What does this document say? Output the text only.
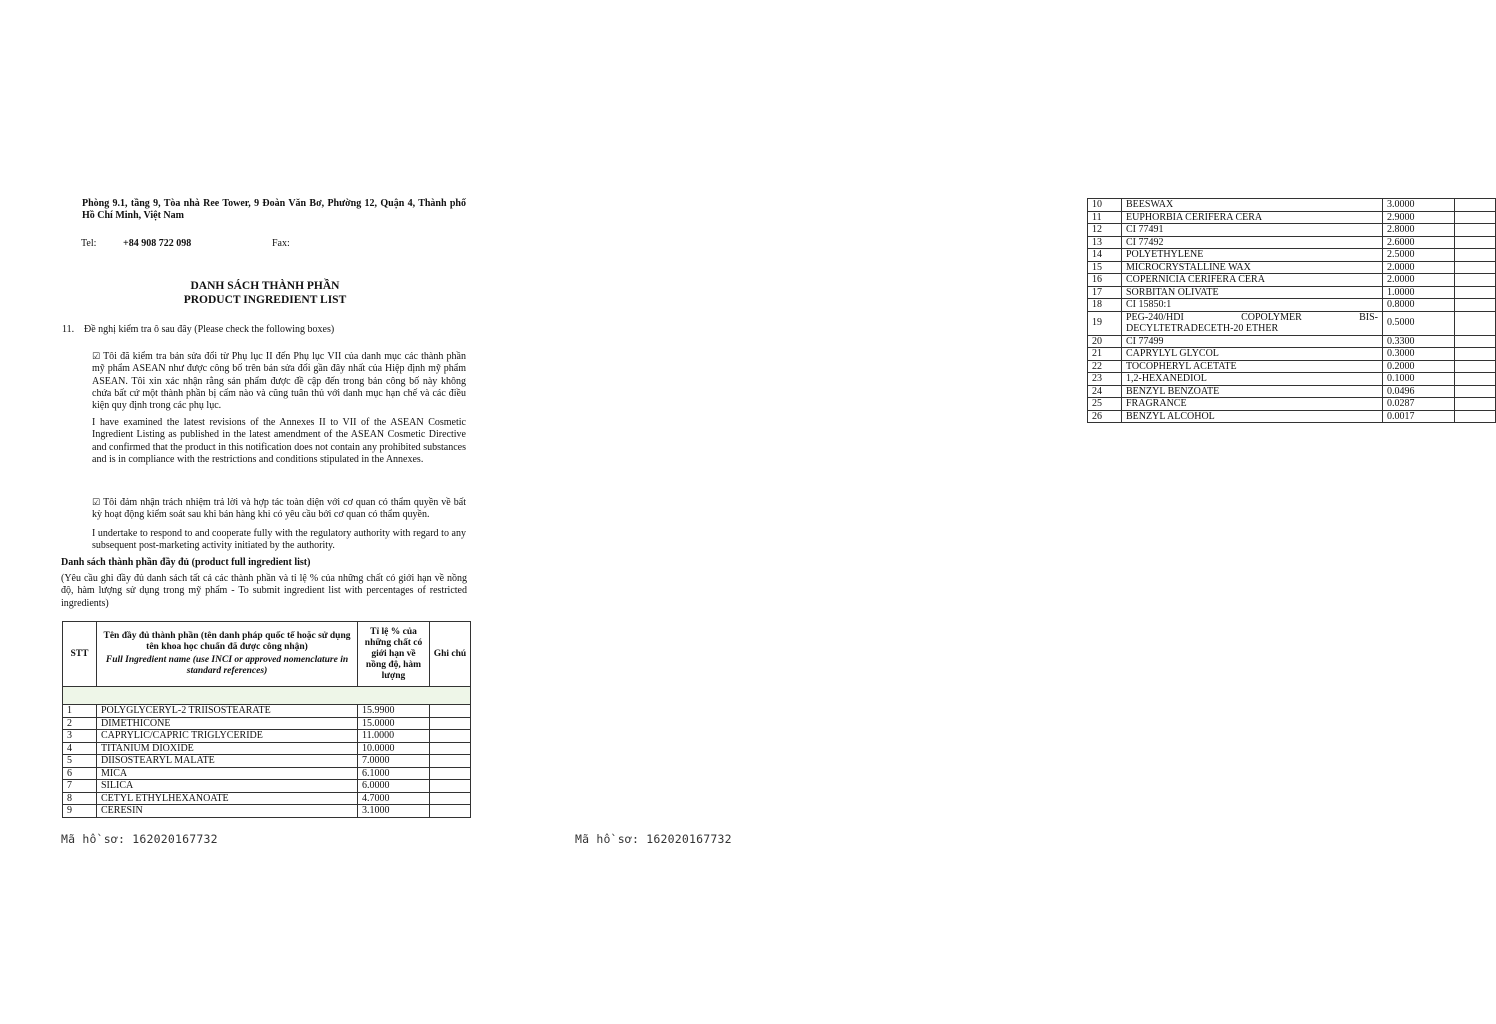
Phòng 9.1, tầng 9, Tòa nhà Ree Tower, 9 Đoàn Văn Bơ, Phường 12, Quận 4, Thành phố Hồ Chí Minh, Việt Nam
Tel:	+84 908 722 098	Fax:
DANH SÁCH THÀNH PHẦN
PRODUCT INGREDIENT LIST
11. Đề nghị kiểm tra ô sau đây (Please check the following boxes)
☑ Tôi đã kiểm tra bản sửa đổi từ Phụ lục II đến Phụ lục VII của danh mục các thành phần mỹ phẩm ASEAN như được công bố trên bản sửa đổi gần đây nhất của Hiệp định mỹ phẩm ASEAN. Tôi xin xác nhận rằng sản phẩm được đề cập đến trong bản công bố này không chứa bất cứ một thành phần bị cấm nào và cũng tuân thủ với danh mục hạn chế và các điều kiện quy định trong các phụ lục.
I have examined the latest revisions of the Annexes II to VII of the ASEAN Cosmetic Ingredient Listing as published in the latest amendment of the ASEAN Cosmetic Directive and confirmed that the product in this notification does not contain any prohibited substances and is in compliance with the restrictions and conditions stipulated in the Annexes.
☑ Tôi đảm nhận trách nhiệm trả lời và hợp tác toàn diện với cơ quan có thẩm quyền về bất kỳ hoạt động kiểm soát sau khi bán hàng khi có yêu cầu bởi cơ quan có thẩm quyền.
I undertake to respond to and cooperate fully with the regulatory authority with regard to any subsequent post-marketing activity initiated by the authority.
Danh sách thành phần đầy đủ (product full ingredient list)
(Yêu cầu ghi đầy đủ danh sách tất cả các thành phần và tỉ lệ % của những chất có giới hạn về nồng độ, hàm lượng sử dụng trong mỹ phẩm - To submit ingredient list with percentages of restricted ingredients)
STT	Tên đầy đủ thành phần (tên danh pháp quốc tế hoặc sử dụng tên khoa học chuẩn đã được công nhận)
Full Ingredient name (use INCI or approved nomenclature in standard references)	Tỉ lệ % của những chất có giới hạn về nồng độ, hàm lượng	Ghi chú

1	POLYGLYCERYL-2 TRIISOSTEARATE	15.9900	
2	DIMETHICONE	15.0000	
3	CAPRYLIC/CAPRIC TRIGLYCERIDE	11.0000	
4	TITANIUM DIOXIDE	10.0000	
5	DIISOSTEARYL MALATE	7.0000	
6	MICA	6.1000	
7	SILICA	6.0000	
8	CETYL ETHYLHEXANOATE	4.7000	
9	CERESIN	3.1000	
Mã hồ sơ: 162020167732
10	BEESWAX	3.0000	
11	EUPHORBIA CERIFERA CERA	2.9000	
12	CI 77491	2.8000	
13	CI 77492	2.6000	
14	POLYETHYLENE	2.5000	
15	MICROCRYSTALLINE WAX	2.0000	
16	COPERNICIA CERIFERA CERA	2.0000	
17	SORBITAN OLIVATE	1.0000	
18	CI 15850:1	0.8000	
19	PEG-240/HDI COPOLYMER BIS-
DECYLTETRADECETH-20 ETHER	0.5000	
20	CI 77499	0.3300	
21	CAPRYLYL GLYCOL	0.3000	
22	TOCOPHERYL ACETATE	0.2000	
23	1,2-HEXANEDIOL	0.1000	
24	BENZYL BENZOATE	0.0496	
25	FRAGRANCE	0.0287	
26	BENZYL ALCOHOL	0.0017	
Mã hồ sơ: 162020167732
